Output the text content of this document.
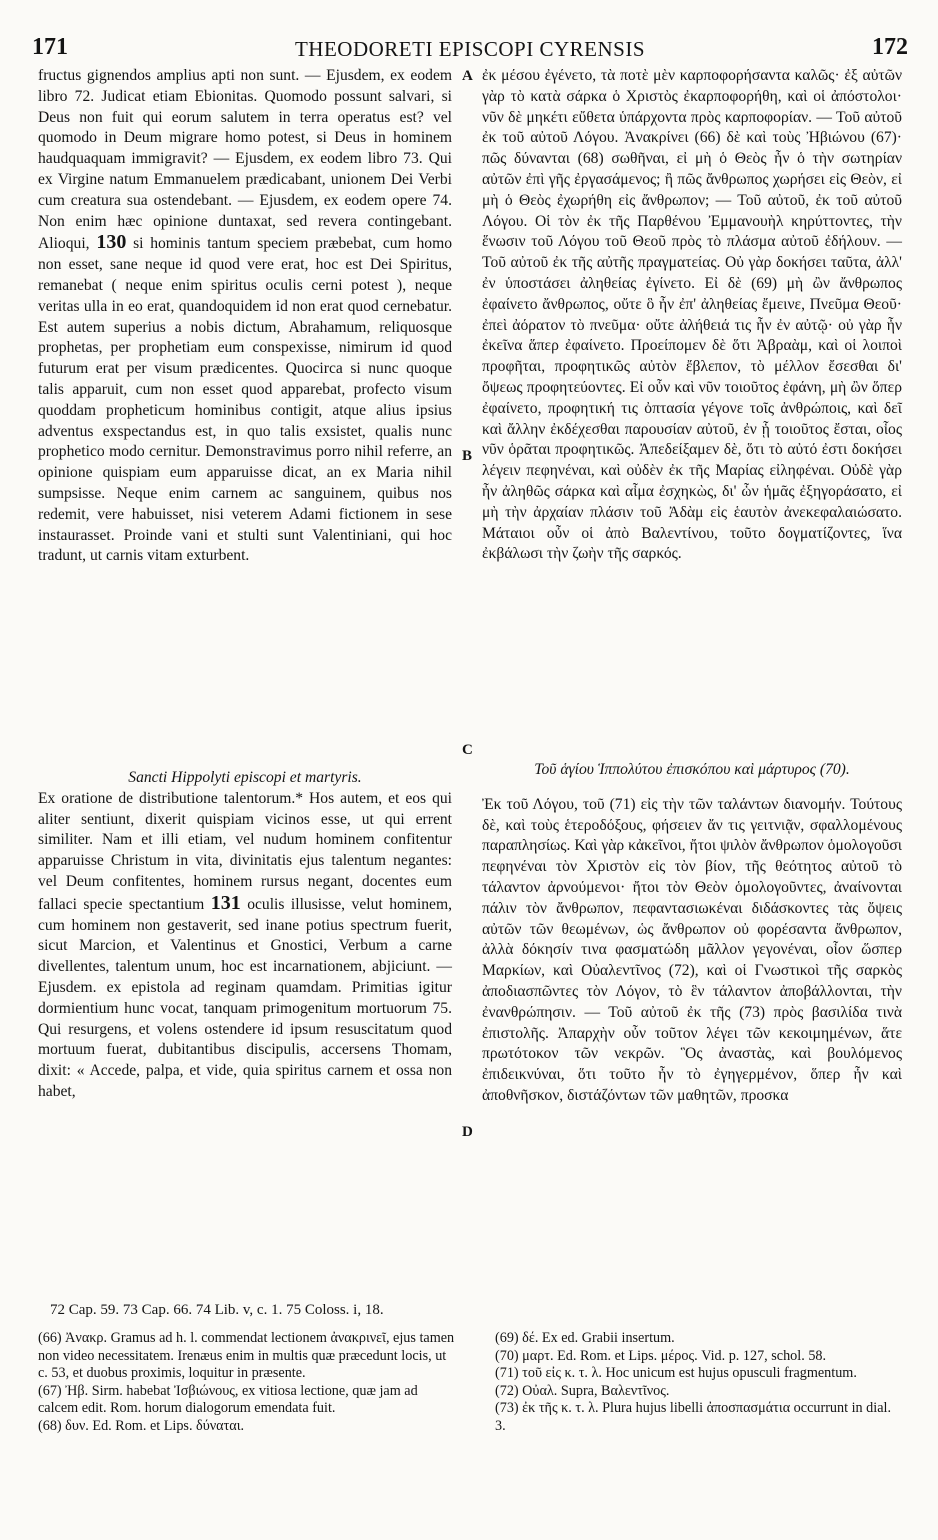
171	THEODORETI EPISCOPI CYRENSIS	172

fructus gignendos amplius apti non sunt. — Ejusdem, ex eodem libro 72. Judicat etiam Ebionitas. Quomodo possunt salvari, si Deus non fuit qui eorum salutem in terra operatus est? vel quomodo in Deum migrare homo potest, si Deus in hominem haudquaquam immigravit? — Ejusdem, ex eodem libro 73. Qui ex Virgine natum Emmanuelem prædicabant, unionem Dei Verbi cum creatura sua ostendebant. — Ejusdem, ex eodem opere 74. Non enim hæc opinione duntaxat, sed revera contingebant. Alioqui, 130 si hominis tantum speciem præbebat, cum homo non esset, sane neque id quod vere erat, hoc est Dei Spiritus, remanebat ( neque enim spiritus oculis cerni potest ), neque veritas ulla in eo erat, quandoquidem id non erat quod cernebatur. Est autem superius a nobis dictum, Abrahamum, reliquosque prophetas, per prophetiam eum conspexisse, nimirum id quod futurum erat per visum prædicentes. Quocirca si nunc quoque talis apparuit, cum non esset quod apparebat, profecto visum quoddam propheticum hominibus contigit, atque alius ipsius adventus exspectandus est, in quo talis exsistet, qualis nunc prophetico modo cernitur. Demonstravimus porro nihil referre, an opinione quispiam eum apparuisse dicat, an ex Maria nihil sumpsisse. Neque enim carnem ac sanguinem, quibus nos redemit, vere habuisset, nisi veterem Adami fictionem in sese instaurasset. Proinde vani et stulti sunt Valentiniani, qui hoc tradunt, ut carnis vitam exturbent.

ἐκ μέσου ἐγένετο, τὰ ποτὲ μὲν καρποφορήσαντα καλῶς· ἐξ αὐτῶν γὰρ τὸ κατὰ σάρκα ὁ Χριστὸς ἐκαρποφορήθη, καὶ οἱ ἀπόστολοι· νῦν δὲ μηκέτι εὔθετα ὑπάρχοντα πρὸς καρποφορίαν. — Τοῦ αὐτοῦ ἐκ τοῦ αὐτοῦ Λόγου. Ἀνακρίνει (66) δὲ καὶ τοὺς Ἠβιώνου (67)· πῶς δύνανται (68) σωθῆναι, εἰ μὴ ὁ Θεὸς ἦν ὁ τὴν σωτηρίαν αὐτῶν ἐπὶ γῆς ἐργασάμενος; ἢ πῶς ἄνθρωπος χωρήσει εἰς Θεὸν, εἰ μὴ ὁ Θεὸς ἐχωρήθη εἰς ἄνθρωπον; — Τοῦ αὐτοῦ, ἐκ τοῦ αὐτοῦ Λόγου. Οἱ τὸν ἐκ τῆς Παρθένου Ἐμμανουὴλ κηρύττοντες, τὴν ἕνωσιν τοῦ Λόγου τοῦ Θεοῦ πρὸς τὸ πλάσμα αὐτοῦ ἐδήλουν. — Τοῦ αὐτοῦ ἐκ τῆς αὐτῆς πραγματείας. Οὐ γὰρ δοκήσει ταῦτα, ἀλλ' ἐν ὑποστάσει ἀληθείας ἐγίνετο. Εἰ δὲ (69) μὴ ὢν ἄνθρωπος ἐφαίνετο ἄνθρωπος, οὔτε ὃ ἦν ἐπ' ἀληθείας ἔμεινε, Πνεῦμα Θεοῦ· ἐπεὶ ἀόρατον τὸ πνεῦμα· οὔτε ἀλήθειά τις ἦν ἐν αὐτῷ· οὐ γὰρ ἦν ἐκεῖνα ἅπερ ἐφαίνετο. Προείπομεν δὲ ὅτι Ἀβραὰμ, καὶ οἱ λοιποὶ προφῆται, προφητικῶς αὐτὸν ἔβλεπον, τὸ μέλλον ἔσεσθαι δι' ὄψεως προφητεύοντες. Εἰ οὖν καὶ νῦν τοιοῦτος ἐφάνη, μὴ ὢν ὅπερ ἐφαίνετο, προφητική τις ὀπτασία γέγονε τοῖς ἀνθρώποις, καὶ δεῖ καὶ ἄλλην ἐκδέχεσθαι παρουσίαν αὐτοῦ, ἐν ᾗ τοιοῦτος ἔσται, οἷος νῦν ὁρᾶται προφητικῶς. Ἀπεδείξαμεν δὲ, ὅτι τὸ αὐτό ἐστι δοκήσει λέγειν πεφηνέναι, καὶ οὐδὲν ἐκ τῆς Μαρίας εἰληφέναι. Οὐδὲ γὰρ ἦν ἀληθῶς σάρκα καὶ αἷμα ἐσχηκὼς, δι' ὧν ἡμᾶς ἐξηγοράσατο, εἰ μὴ τὴν ἀρχαίαν πλάσιν τοῦ Ἀδὰμ εἰς ἑαυτὸν ἀνεκεφαλαιώσατο. Μάταιοι οὖν οἱ ἀπὸ Βαλεντίνου, τοῦτο δογματίζοντες, ἵνα ἐκβάλωσι τὴν ζωὴν τῆς σαρκός.

A
B
C
D

Sancti Hippolyti episcopi et martyris.

Ex oratione de distributione talentorum.* Hos autem, et eos qui aliter sentiunt, dixerit quispiam vicinos esse, ut qui errent similiter. Nam et illi etiam, vel nudum hominem confitentur apparuisse Christum in vita, divinitatis ejus talentum negantes: vel Deum confitentes, hominem rursus negant, docentes eum fallaci specie spectantium 131 oculis illusisse, velut hominem, cum hominem non gestaverit, sed inane potius spectrum fuerit, sicut Marcion, et Valentinus et Gnostici, Verbum a carne divellentes, talentum unum, hoc est incarnationem, abjiciunt. — Ejusdem. ex epistola ad reginam quamdam. Primitias igitur dormientium hunc vocat, tanquam primogenitum mortuorum 75. Qui resurgens, et volens ostendere id ipsum resuscitatum quod mortuum fuerat, dubitantibus discipulis, accersens Thomam, dixit: « Accede, palpa, et vide, quia spiritus carnem et ossa non habet,

Τοῦ ἁγίου Ἱππολύτου ἐπισκόπου καὶ μάρτυρος (70).

Ἐκ τοῦ Λόγου, τοῦ (71) εἰς τὴν τῶν ταλάντων διανομήν. Τούτους δὲ, καὶ τοὺς ἑτεροδόξους, φήσειεν ἄν τις γειτνιᾷν, σφαλλομένους παραπλησίως. Καὶ γὰρ κἀκεῖνοι, ἤτοι ψιλὸν ἄνθρωπον ὁμολογοῦσι πεφηνέναι τὸν Χριστὸν εἰς τὸν βίον, τῆς θεότητος αὐτοῦ τὸ τάλαντον ἀρνούμενοι· ἤτοι τὸν Θεὸν ὁμολογοῦντες, ἀναίνονται πάλιν τὸν ἄνθρωπον, πεφαντασιωκέναι διδάσκοντες τὰς ὄψεις αὐτῶν τῶν θεωμένων, ὡς ἄνθρωπον οὐ φορέσαντα ἄνθρωπον, ἀλλὰ δόκησίν τινα φασματώδη μᾶλλον γεγονέναι, οἷον ὥσπερ Μαρκίων, καὶ Οὐαλεντῖνος (72), καὶ οἱ Γνωστικοὶ τῆς σαρκὸς ἀποδιασπῶντες τὸν Λόγον, τὸ ἓν τάλαντον ἀποβάλλονται, τὴν ἐνανθρώπησιν. — Τοῦ αὐτοῦ ἐκ τῆς (73) πρὸς βασιλίδα τινὰ ἐπιστολῆς. Ἀπαρχὴν οὖν τοῦτον λέγει τῶν κεκοιμημένων, ἅτε πρωτότοκον τῶν νεκρῶν. Ὃς ἀναστὰς, καὶ βουλόμενος ἐπιδεικνύναι, ὅτι τοῦτο ἦν τὸ ἐγηγερμένον, ὅπερ ἦν καὶ ἀποθνῆσκον, διστάζόντων τῶν μαθητῶν, προσκα

72 Cap. 59. 73 Cap. 66. 74 Lib. v, c. 1. 75 Coloss. i, 18.

(66) Ἀνακρ. Gramus ad h. l. commendat lectionem ἀνακρινεῖ, ejus tamen non video necessitatem. Irenæus enim in multis quæ præcedunt locis, ut c. 53, et duobus proximis, loquitur in præsente.

(67) Ἠβ. Sirm. habebat Ἰσβιώνους, ex vitiosa lectione, quæ jam ad calcem edit. Rom. horum dialogorum emendata fuit.

(68) δυν. Ed. Rom. et Lips. δύναται.

(69) δέ. Ex ed. Grabii insertum.

(70) μαρτ. Ed. Rom. et Lips. μέρος. Vid. p. 127, schol. 58.

(71) τοῦ εἰς κ. τ. λ. Hoc unicum est hujus opusculi fragmentum.

(72) Οὐαλ. Supra, Βαλεντῖνος.

(73) ἐκ τῆς κ. τ. λ. Plura hujus libelli ἀποσπασμάτια occurrunt in dial. 3.
